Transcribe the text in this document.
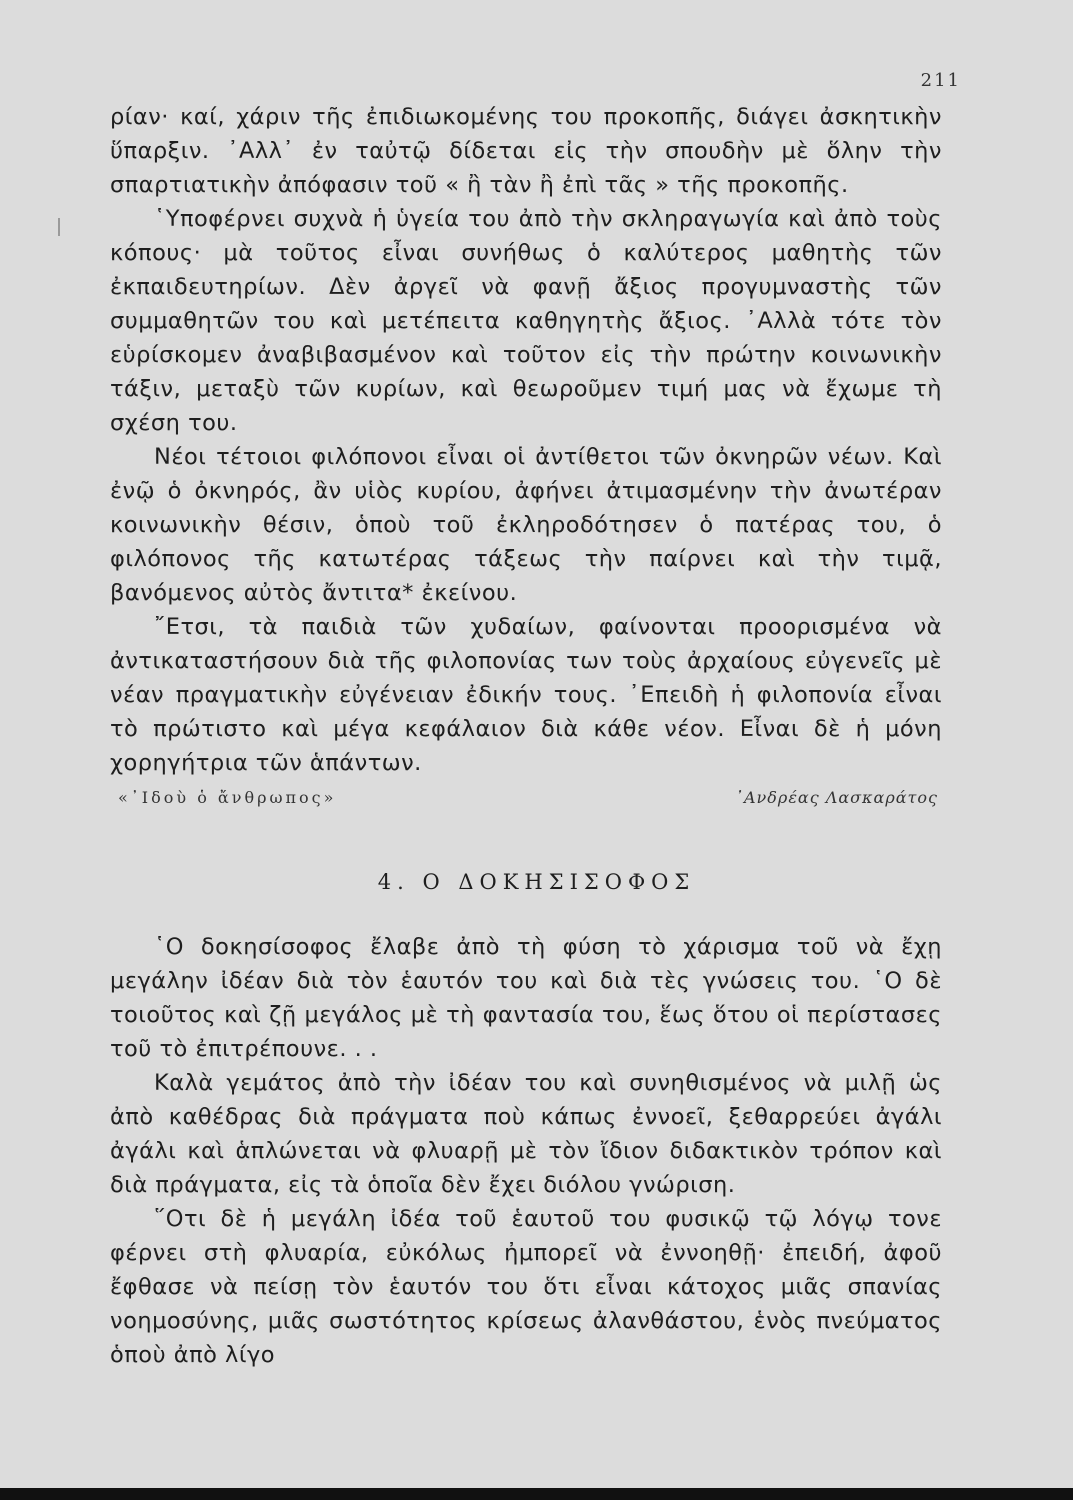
211

ρίαν· καί, χάριν τῆς ἐπιδιωκομένης του προκοπῆς, διάγει ἀσκητικὴν ὕπαρξιν. ᾿Αλλ᾿ ἐν ταὐτῷ δίδεται εἰς τὴν σπουδὴν μὲ ὅλην τὴν σπαρτιατικὴν ἀπόφασιν τοῦ « ἢ τὰν ἢ ἐπὶ τᾶς » τῆς προκοπῆς.

῾Υποφέρνει συχνὰ ἡ ὑγεία του ἀπὸ τὴν σκληραγωγία καὶ ἀπὸ τοὺς κόπους· μὰ τοῦτος εἶναι συνήθως ὁ καλύτερος μαθητὴς τῶν ἐκπαιδευτηρίων. Δὲν ἀργεῖ νὰ φανῇ ἄξιος προγυμναστὴς τῶν συμμαθητῶν του καὶ μετέπειτα καθηγητὴς ἄξιος. ᾿Αλλὰ τότε τὸν εὑρίσκομεν ἀναβιβασμένον καὶ τοῦτον εἰς τὴν πρώτην κοινωνικὴν τάξιν, μεταξὺ τῶν κυρίων, καὶ θεωροῦμεν τιμή μας νὰ ἔχωμε τὴ σχέση του.

Νέοι τέτοιοι φιλόπονοι εἶναι οἱ ἀντίθετοι τῶν ὀκνηρῶν νέων. Καὶ ἐνῷ ὁ ὀκνηρός, ἂν υἱὸς κυρίου, ἀφήνει ἀτιμασμένην τὴν ἀνωτέραν κοινωνικὴν θέσιν, ὁποὺ τοῦ ἐκληροδότησεν ὁ πατέρας του, ὁ φιλόπονος τῆς κατωτέρας τάξεως τὴν παίρνει καὶ τὴν τιμᾷ, βανόμενος αὐτὸς ἄντιτα* ἐκείνου.

῎Ετσι, τὰ παιδιὰ τῶν χυδαίων, φαίνονται προορισμένα νὰ ἀντικαταστήσουν διὰ τῆς φιλοπονίας των τοὺς ἀρχαίους εὐγενεῖς μὲ νέαν πραγματικὴν εὐγένειαν ἐδικήν τους. ᾿Επειδὴ ἡ φιλοπονία εἶναι τὸ πρώτιστο καὶ μέγα κεφάλαιον διὰ κάθε νέον. Εἶναι δὲ ἡ μόνη χορηγήτρια τῶν ἁπάντων.

«᾿Ιδοὺ ὁ ἄνθρωπος»	᾿Ανδρέας Λασκαράτος
4. Ο ΔΟΚΗΣΙΣΟΦΟΣ

῾Ο δοκησίσοφος ἔλαβε ἀπὸ τὴ φύση τὸ χάρισμα τοῦ νὰ ἔχῃ μεγάλην ἰδέαν διὰ τὸν ἑαυτόν του καὶ διὰ τὲς γνώσεις του. ῾Ο δὲ τοιοῦτος καὶ ζῇ μεγάλος μὲ τὴ φαντασία του, ἕως ὅτου οἱ περίστασες τοῦ τὸ ἐπιτρέπουνε. . .

Καλὰ γεμάτος ἀπὸ τὴν ἰδέαν του καὶ συνηθισμένος νὰ μιλῇ ὡς ἀπὸ καθέδρας διὰ πράγματα ποὺ κάπως ἐννοεῖ, ξεθαρρεύει ἀγάλι ἀγάλι καὶ ἁπλώνεται νὰ φλυαρῇ μὲ τὸν ἴδιον διδακτικὸν τρόπον καὶ διὰ πράγματα, εἰς τὰ ὁποῖα δὲν ἔχει διόλου γνώριση.

῞Οτι δὲ ἡ μεγάλη ἰδέα τοῦ ἑαυτοῦ του φυσικῷ τῷ λόγῳ τονε φέρνει στὴ φλυαρία, εὐκόλως ἠμπορεῖ νὰ ἐννοηθῇ· ἐπειδή, ἀφοῦ ἔφθασε νὰ πείσῃ τὸν ἑαυτόν του ὅτι εἶναι κάτοχος μιᾶς σπανίας νοημοσύνης, μιᾶς σωστότητος κρίσεως ἀλανθάστου, ἑνὸς πνεύματος ὁποὺ ἀπὸ λίγο
